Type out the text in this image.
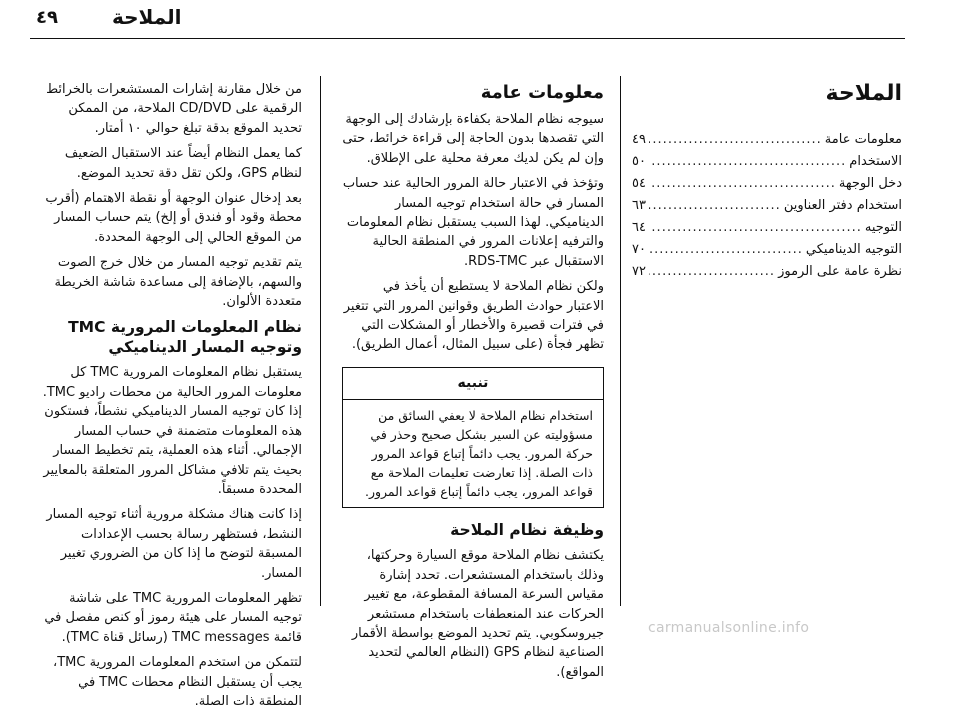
٤٩	الملاحة
الملاحة
معلومات عامة
.....
٤٩
الاستخدام
.....
٥٠
دخل الوجهة
.....
٥٤
استخدام دفتر العناوين
.....
٦٣
التوجيه
.....
٦٤
التوجيه الديناميكي
.....
٧٠
نظرة عامة على الرموز
.....
٧٢
معلومات عامة

سيوجه نظام الملاحة بكفاءة بإرشادك إلى الوجهة التي تقصدها بدون الحاجة إلى قراءة خرائط، حتى وإن لم يكن لديك معرفة محلية على الإطلاق.

وتؤخذ في الاعتبار حالة المرور الحالية عند حساب المسار في حالة استخدام توجيه المسار الديناميكي. لهذا السبب يستقبل نظام المعلومات والترفيه إعلانات المرور في المنطقة الحالية الاستقبال عبر RDS-TMC.

ولكن نظام الملاحة لا يستطيع أن يأخذ في الاعتبار حوادث الطريق وقوانين المرور التي تتغير في فترات قصيرة والأخطار أو المشكلات التي تظهر فجأة (على سبيل المثال، أعمال الطريق).

تنبيه
استخدام نظام الملاحة لا يعفي السائق من مسؤوليته عن السير بشكل صحيح وحذر في حركة المرور. يجب دائماً إتباع قواعد المرور ذات الصلة. إذا تعارضت تعليمات الملاحة مع قواعد المرور، يجب دائماً إتباع قواعد المرور.
وظيفة نظام الملاحة

يكتشف نظام الملاحة موقع السيارة وحركتها، وذلك باستخدام المستشعرات. تحدد إشارة مقياس السرعة المسافة المقطوعة، مع تغيير الحركات عند المنعطفات باستخدام مستشعر جيروسكوبي. يتم تحديد الموضع بواسطة الأقمار الصناعية لنظام GPS (النظام العالمي لتحديد المواقع).

من خلال مقارنة إشارات المستشعرات بالخرائط الرقمية على CD/DVD الملاحة، من الممكن تحديد الموقع بدقة تبلغ حوالي ١٠ أمتار.

كما يعمل النظام أيضاً عند الاستقبال الضعيف لنظام GPS، ولكن تقل دقة تحديد الموضع.

بعد إدخال عنوان الوجهة أو نقطة الاهتمام (أقرب محطة وقود أو فندق أو إلخ) يتم حساب المسار من الموقع الحالي إلى الوجهة المحددة.

يتم تقديم توجيه المسار من خلال خرج الصوت والسهم، بالإضافة إلى مساعدة شاشة الخريطة متعددة الألوان.

نظام المعلومات المرورية TMC وتوجيه المسار الديناميكي

يستقبل نظام المعلومات المرورية TMC كل معلومات المرور الحالية من محطات راديو TMC. إذا كان توجيه المسار الديناميكي نشطاً، فستكون هذه المعلومات متضمنة في حساب المسار الإجمالي. أثناء هذه العملية، يتم تخطيط المسار بحيث يتم تلافي مشاكل المرور المتعلقة بالمعايير المحددة مسبقاً.

إذا كانت هناك مشكلة مرورية أثناء توجيه المسار النشط، فستظهر رسالة بحسب الإعدادات المسبقة لتوضح ما إذا كان من الضروري تغيير المسار.

تظهر المعلومات المرورية TMC على شاشة توجيه المسار على هيئة رموز أو كنص مفصل في قائمة TMC messages (رسائل قناة TMC).

لتتمكن من استخدم المعلومات المرورية TMC، يجب أن يستقبل النظام محطات TMC في المنطقة ذات الصلة.

carmanualsonline.info
